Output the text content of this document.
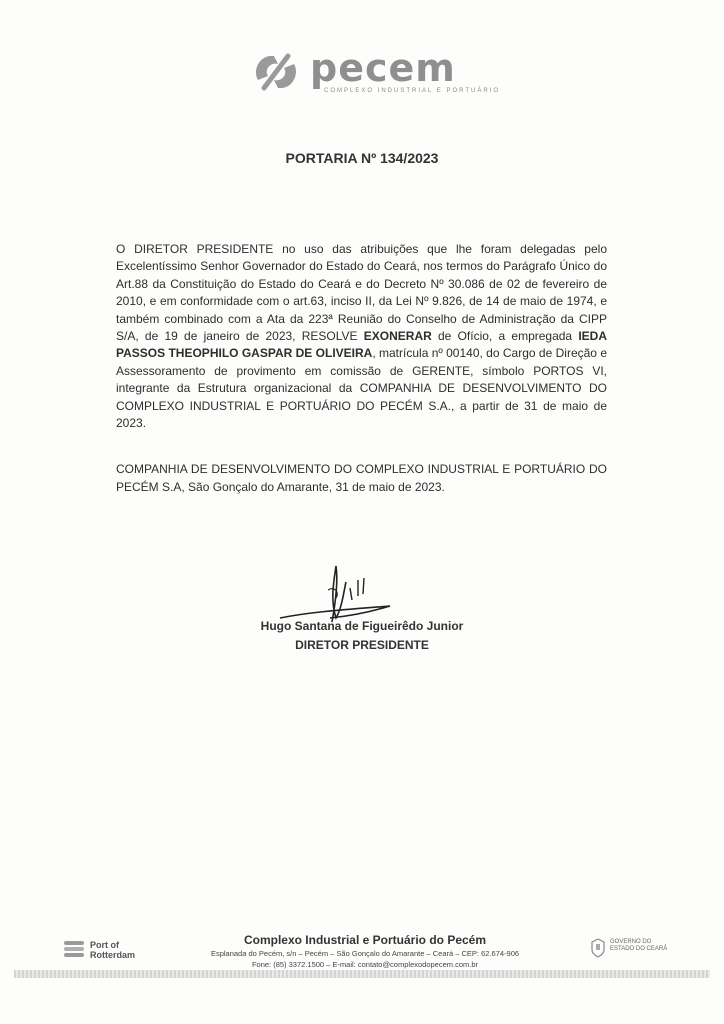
pecem
COMPLEXO INDUSTRIAL E PORTUÁRIO
PORTARIA Nº 134/2023
O DIRETOR PRESIDENTE no uso das atribuições que lhe foram delegadas pelo Excelentíssimo Senhor Governador do Estado do Ceará, nos termos do Parágrafo Único do Art.88 da Constituição do Estado do Ceará e do Decreto Nº 30.086 de 02 de fevereiro de 2010, e em conformidade com o art.63, inciso II, da Lei Nº 9.826, de 14 de maio de 1974, e também combinado com a Ata da 223ª Reunião do Conselho de Administração da CIPP S/A, de 19 de janeiro de 2023, RESOLVE EXONERAR de Ofício, a empregada IEDA PASSOS THEOPHILO GASPAR DE OLIVEIRA, matrícula nº 00140, do Cargo de Direção e Assessoramento de provimento em comissão de GERENTE, símbolo PORTOS VI, integrante da Estrutura organizacional da COMPANHIA DE DESENVOLVIMENTO DO COMPLEXO INDUSTRIAL E PORTUÁRIO DO PECÉM S.A., a partir de 31 de maio de 2023.
COMPANHIA DE DESENVOLVIMENTO DO COMPLEXO INDUSTRIAL E PORTUÁRIO DO PECÉM S.A, São Gonçalo do Amarante, 31 de maio de 2023.
Hugo Santana de Figueirêdo Junior
DIRETOR PRESIDENTE
Port of
Rotterdam
Complexo Industrial e Portuário do Pecém
Esplanada do Pecém, s/n – Pecém – São Gonçalo do Amarante – Ceará – CEP: 62.674-906
Fone: (85) 3372.1500 – E-mail: contato@complexodopecem.com.br
GOVERNO DO
ESTADO DO CEARÁ
